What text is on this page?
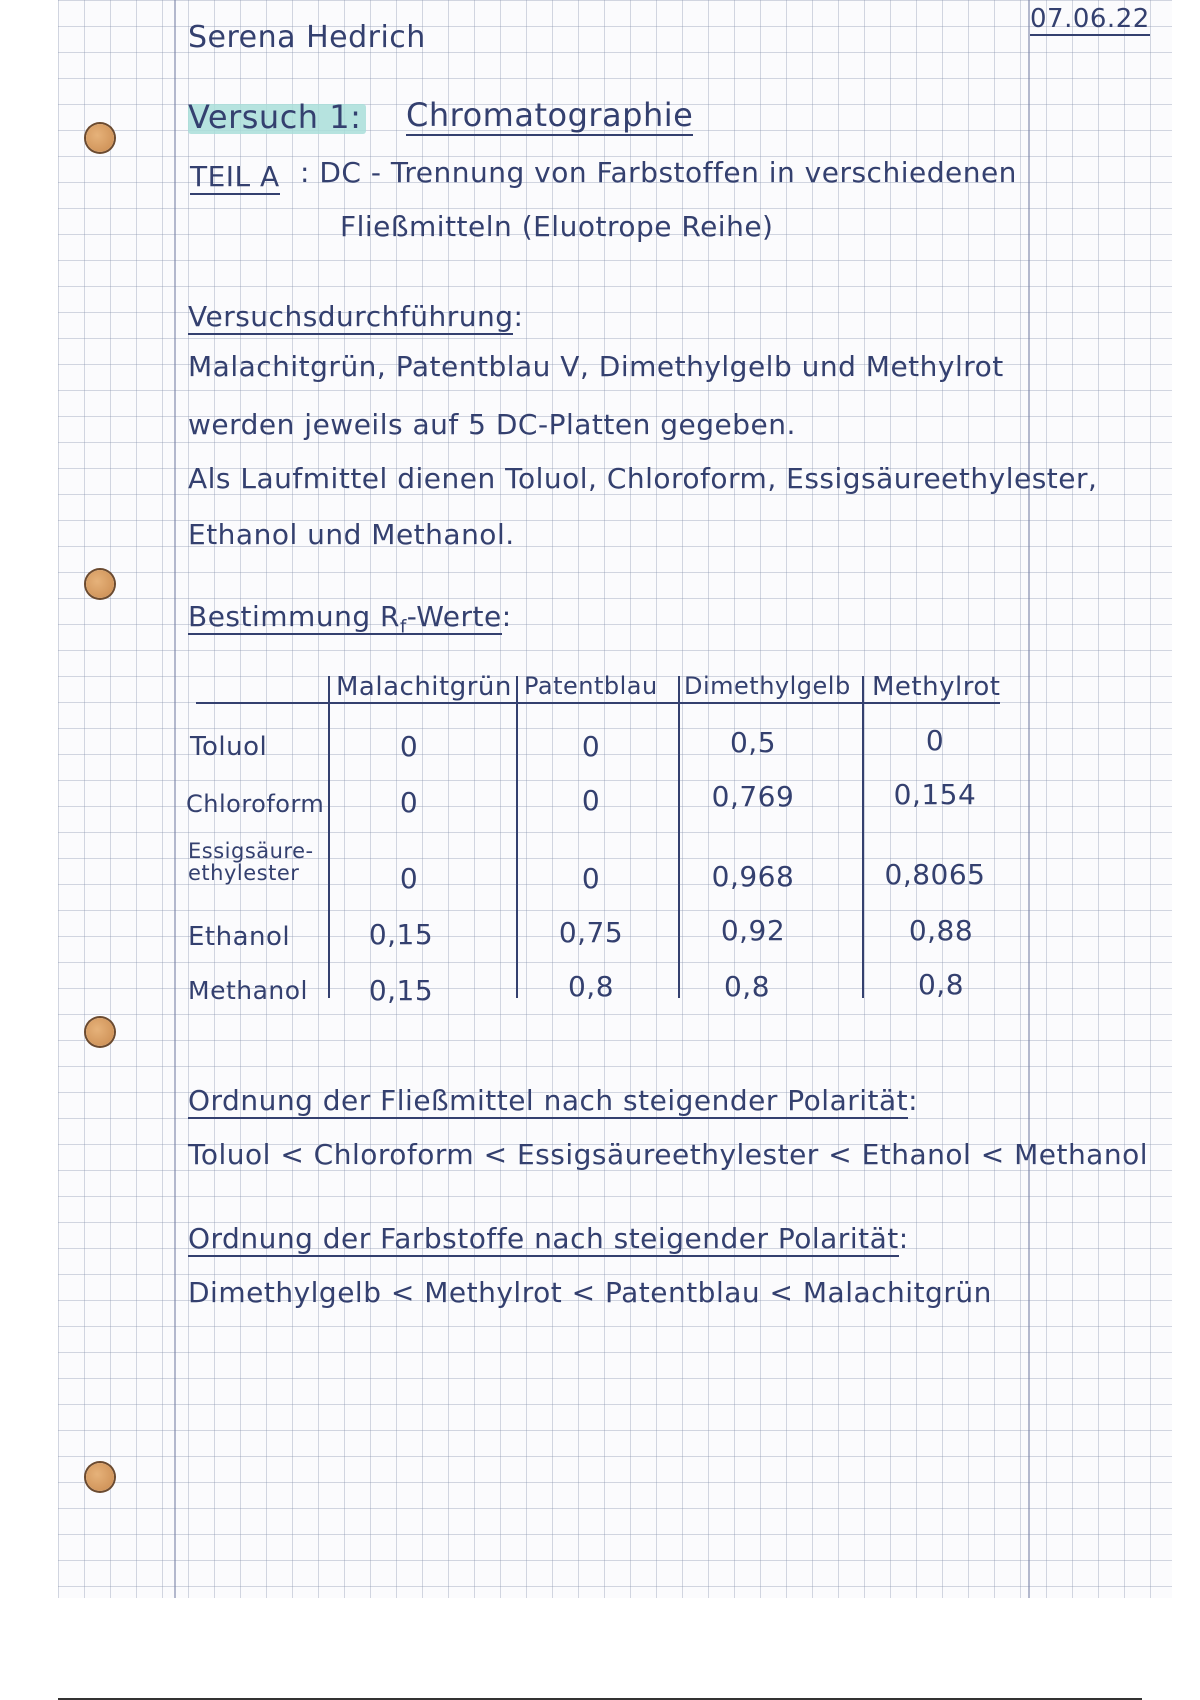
Serena Hedrich
07.06.22
Versuch 1: Chromatographie
TEIL A : DC - Trennung von Farbstoffen in verschiedenen
Fließmitteln (Eluotrope Reihe)
Versuchsdurchführung:
Malachitgrün, Patentblau V, Dimethylgelb und Methylrot
werden jeweils auf 5 DC-Platten gegeben.
Als Laufmittel dienen Toluol, Chloroform, Essigsäureethylester,
Ethanol und Methanol.
Bestimmung $R_f$-Werte:
Malachitgrün Patentblau Dimethylgelb Methylrot
Toluol	0	0	0,5	0
Chloroform	0	0	0,769	0,154
Essigsäure-
ethylester	0	0	0,968	0,8065
Ethanol	0,15	0,75	0,92	0,88
Methanol	0,15	0,8	0,8	0,8
Ordnung der Fließmittel nach steigender Polarität:
Toluol < Chloroform < Essigsäureethylester < Ethanol < Methanol
Ordnung der Farbstoffe nach steigender Polarität:
Dimethylgelb < Methylrot < Patentblau < Malachitgrün
